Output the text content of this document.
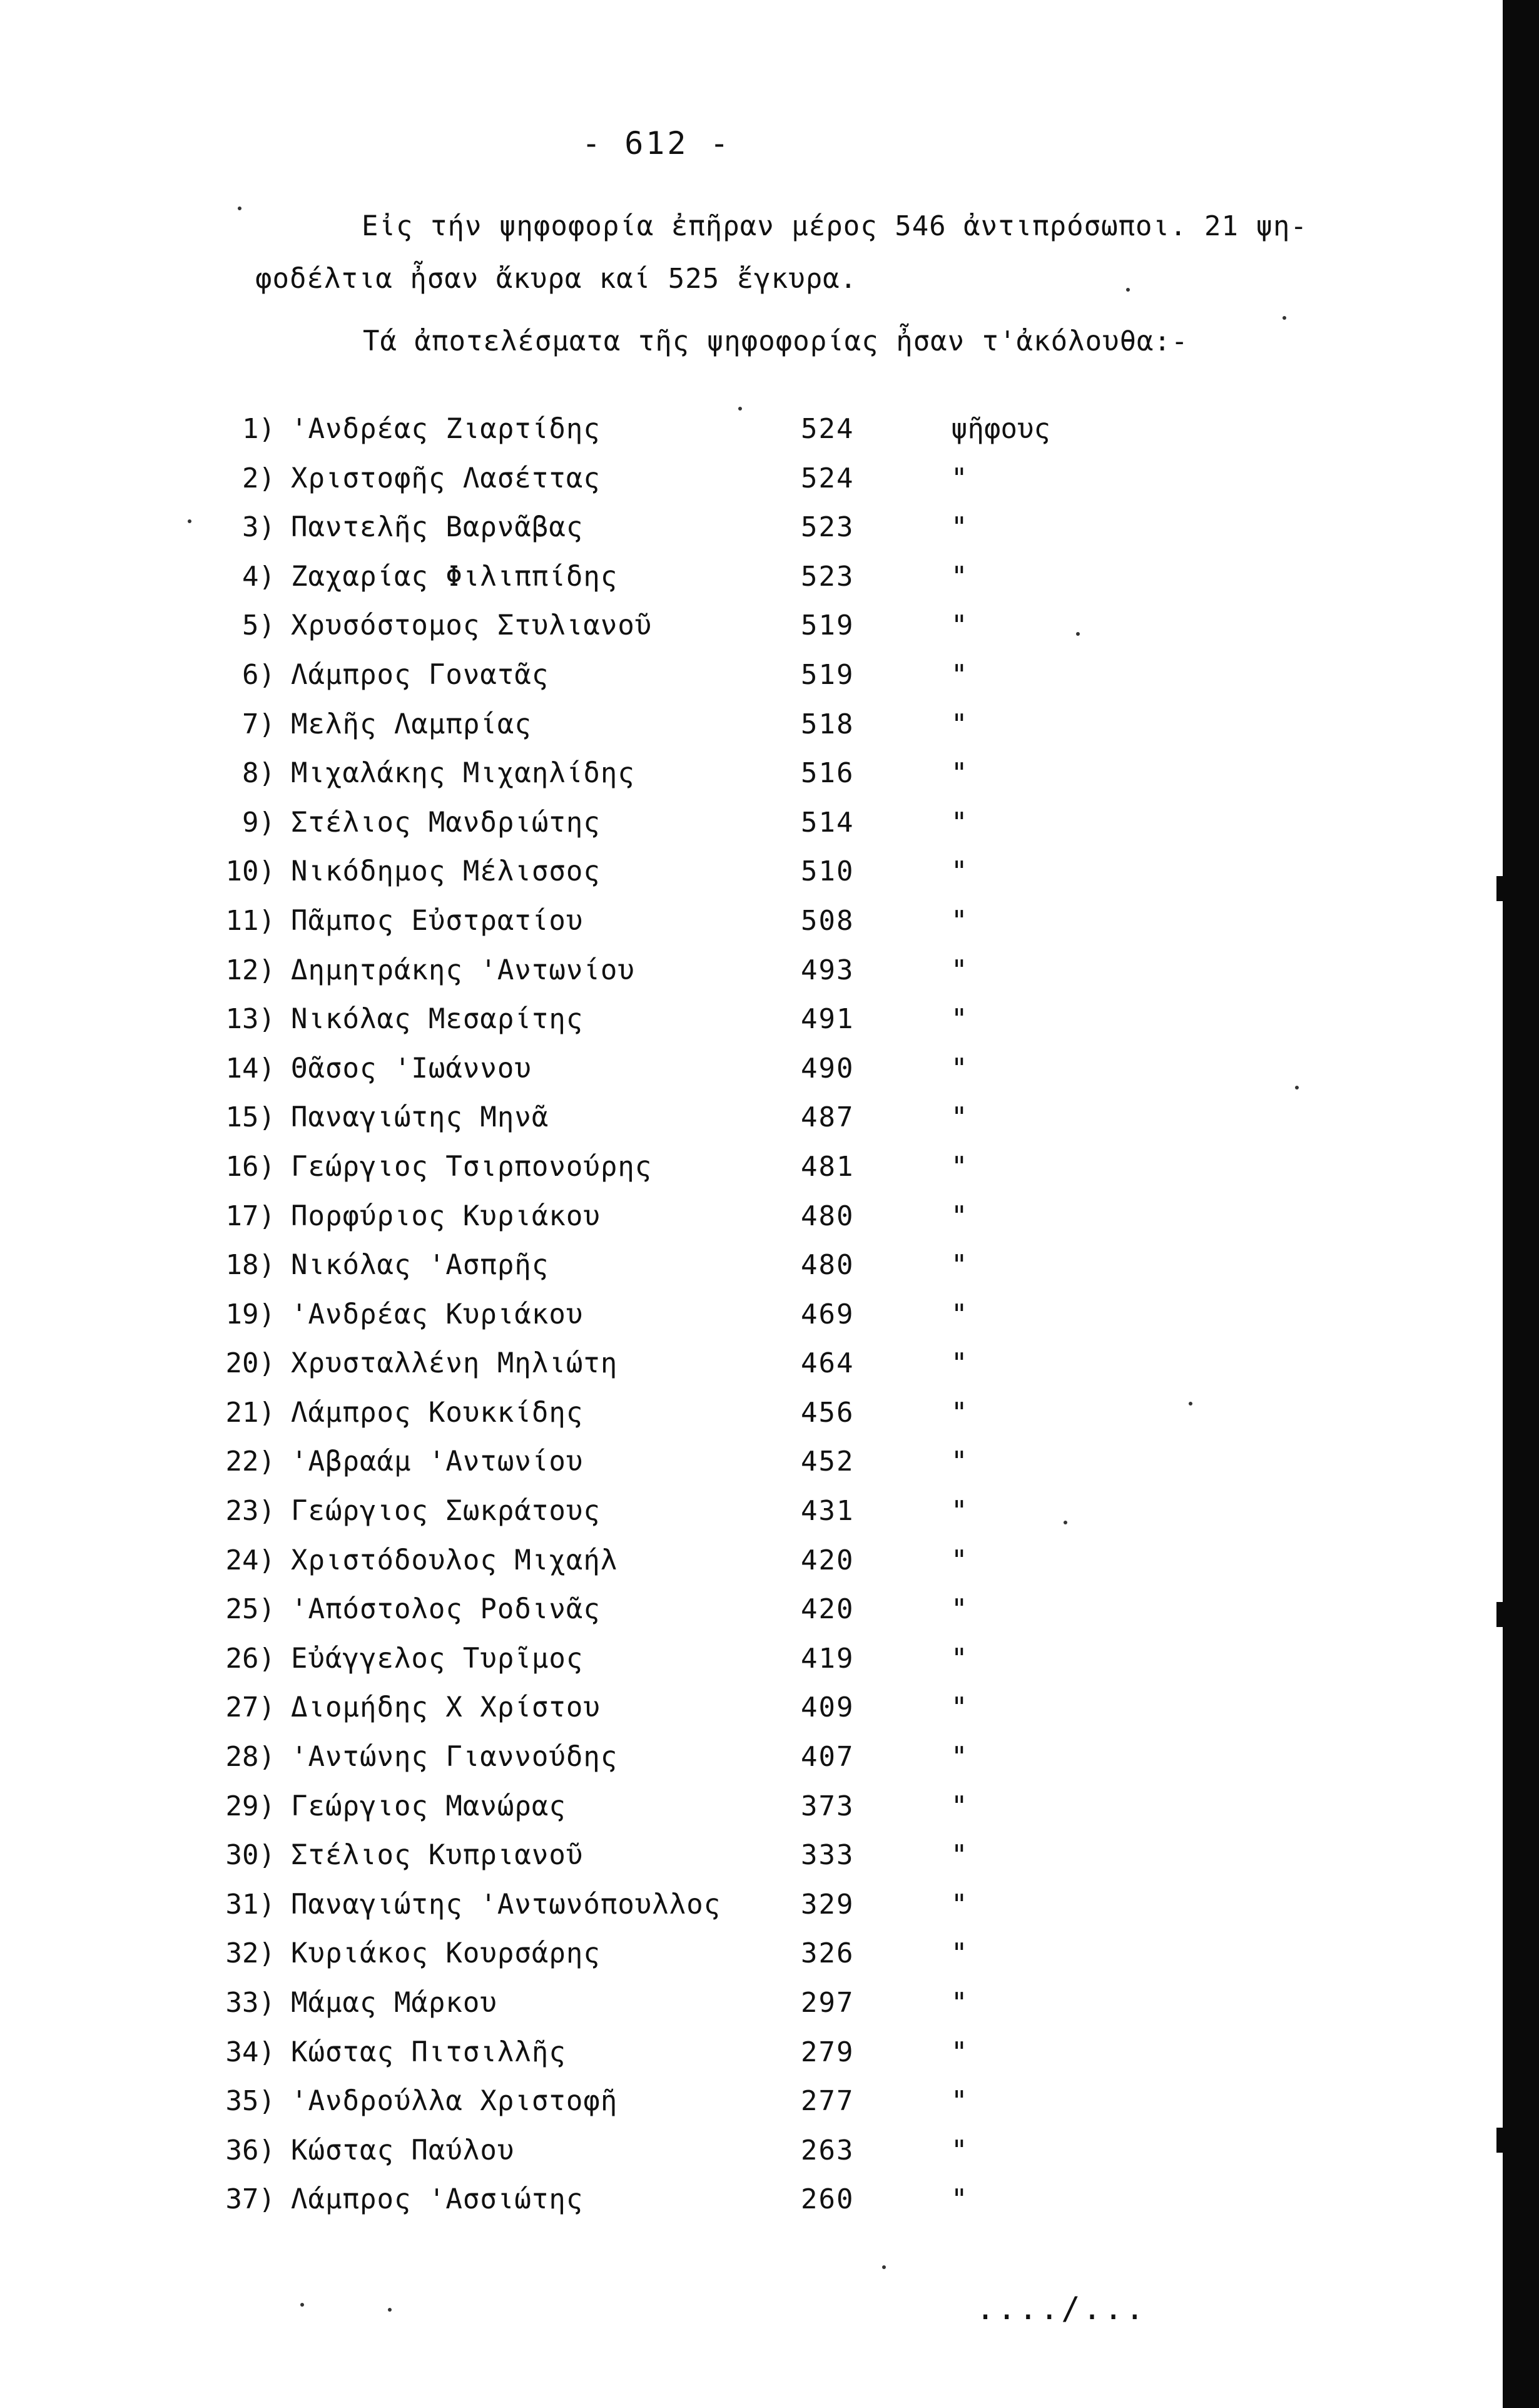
- 612 -
Εἰς τήν ψηφοφορία ἐπῆραν μέρος 546 ἀντιπρόσωποι. 21 ψη-
φοδέλτια ἦσαν ἄκυρα καί 525 ἔγκυρα.
Τά ἀποτελέσματα τῆς ψηφοφορίας ἦσαν τ'ἀκόλουθα:-
1) 'Ανδρέας Ζιαρτίδης	524	ψῆφους
2) Χριστοφῆς Λασέττας	524	"
3) Παντελῆς Βαρνᾶβας	523	"
4) Ζαχαρίας Φιλιππίδης	523	"
5) Χρυσόστομος Στυλιανοῦ	519	"
6) Λάμπρος Γονατᾶς	519	"
7) Μελῆς Λαμπρίας	518	"
8) Μιχαλάκης Μιχαηλίδης	516	"
9) Στέλιος Μανδριώτης	514	"
10) Νικόδημος Μέλισσος	510	"
11) Πᾶμπος Εὐστρατίου	508	"
12) Δημητράκης 'Αντωνίου	493	"
13) Νικόλας Μεσαρίτης	491	"
14) Θᾶσος 'Ιωάννου	490	"
15) Παναγιώτης Μηνᾶ	487	"
16) Γεώργιος Τσιρπονούρης	481	"
17) Πορφύριος Κυριάκου	480	"
18) Νικόλας 'Ασπρῆς	480	"
19) 'Ανδρέας Κυριάκου	469	"
20) Χρυσταλλένη Μηλιώτη	464	"
21) Λάμπρος Κουκκίδης	456	"
22) 'Αβραάμ 'Αντωνίου	452	"
23) Γεώργιος Σωκράτους	431	"
24) Χριστόδουλος Μιχαήλ	420	"
25) 'Απόστολος Ροδινᾶς	420	"
26) Εὐάγγελος Τυρῖμος	419	"
27) Διομήδης Χ Χρίστου	409	"
28) 'Αντώνης Γιαννούδης	407	"
29) Γεώργιος Μανώρας	373	"
30) Στέλιος Κυπριανοῦ	333	"
31) Παναγιώτης 'Αντωνόπουλλος	329	"
32) Κυριάκος Κουρσάρης	326	"
33) Μάμας Μάρκου	297	"
34) Κώστας Πιτσιλλῆς	279	"
35) 'Ανδρούλλα Χριστοφῆ	277	"
36) Κώστας Παύλου	263	"
37) Λάμπρος 'Ασσιώτης	260	"
..../...
